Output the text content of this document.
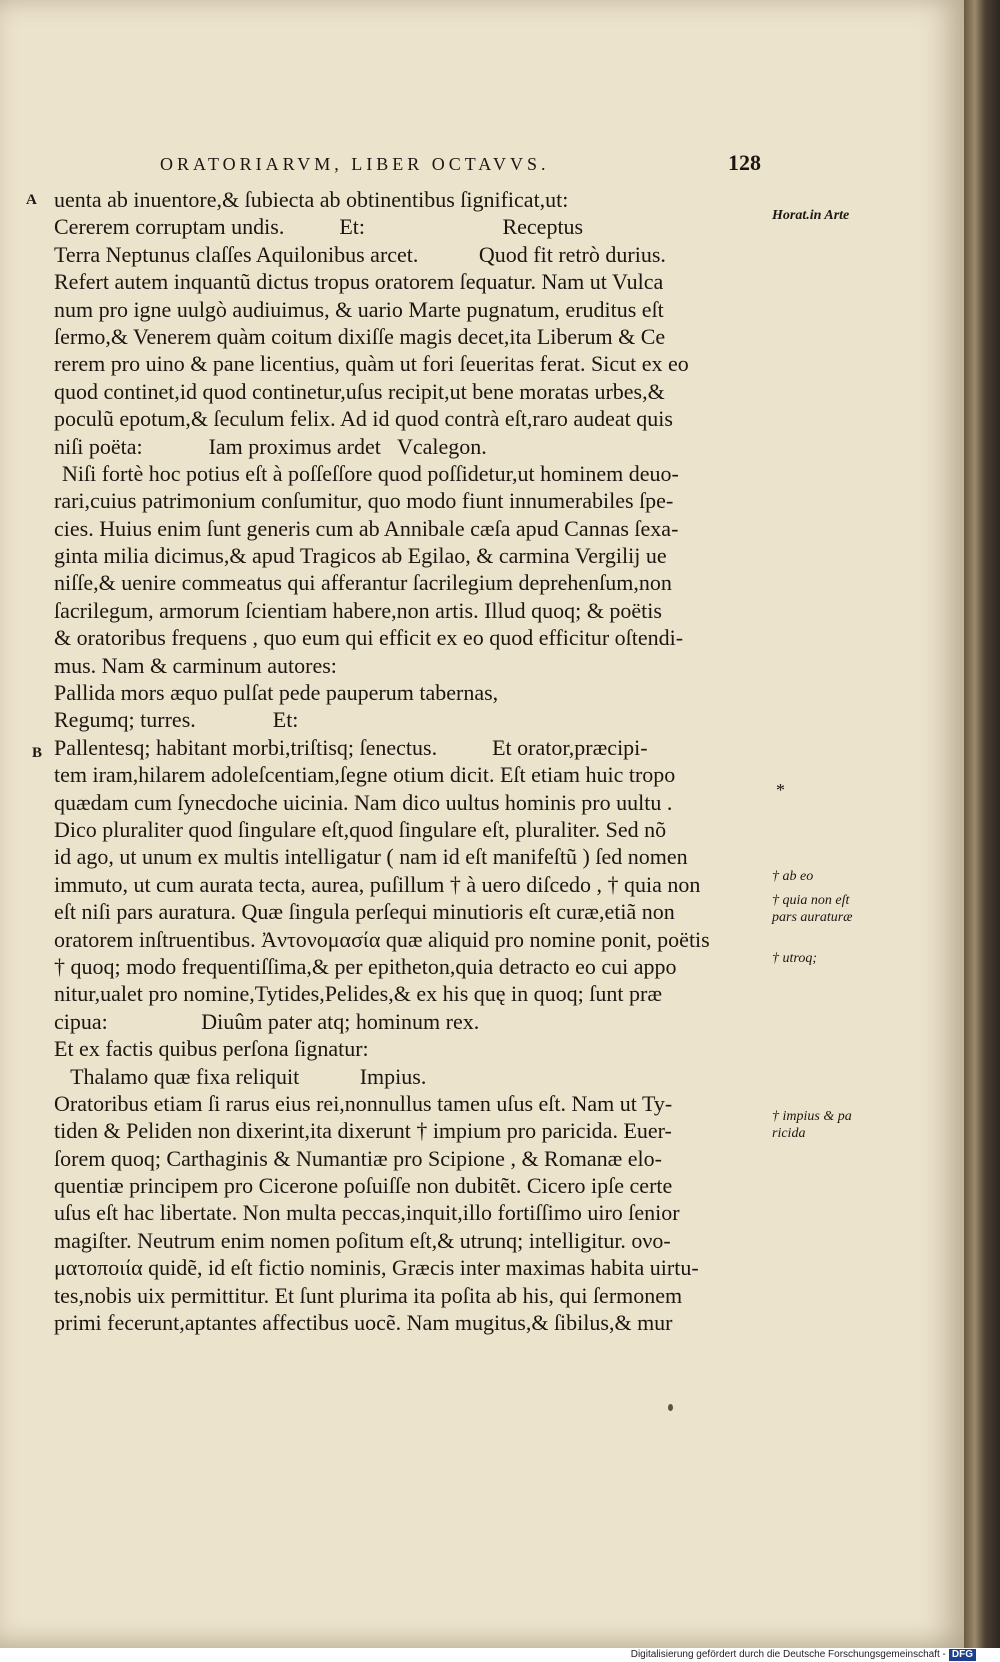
ORATORIARVM, LIBER OCTAVVS.	128
A
B
uenta ab inuentore,& ſubiecta ab obtinentibus ſignificat,ut:
Cererem corruptam undis.          Et:                         Receptus
Terra Neptunus claſſes Aquilonibus arcet.           Quod fit retrò durius.
Refert autem inquantũ dictus tropus oratorem ſequatur. Nam ut Vulca
num pro igne uulgò audiuimus, & uario Marte pugnatum, eruditus eſt
ſermo,& Venerem quàm coitum dixiſſe magis decet,ita Liberum & Ce
rerem pro uino & pane licentius, quàm ut fori ſeueritas ferat. Sicut ex eo
quod continet,id quod continetur,uſus recipit,ut bene moratas urbes,&
poculũ epotum,& ſeculum felix. Ad id quod contrà eſt,raro audeat quis
niſi poëta:            Iam proximus ardet   Vcalegon.
Niſi fortè hoc potius eſt à poſſeſſore quod poſſidetur,ut hominem deuo-
rari,cuius patrimonium conſumitur, quo modo fiunt innumerabiles ſpe-
cies. Huius enim ſunt generis cum ab Annibale cæſa apud Cannas ſexa-
ginta milia dicimus,& apud Tragicos ab Egilao, & carmina Vergilij ue
niſſe,& uenire commeatus qui afferantur ſacrilegium deprehenſum,non
ſacrilegum, armorum ſcientiam habere,non artis. Illud quoq; & poëtis
& oratoribus frequens , quo eum qui efficit ex eo quod efficitur oſtendi-
mus. Nam & carminum autores:
Pallida mors æquo pulſat pede pauperum tabernas,
Regumq; turres.              Et:
Pallentesq; habitant morbi,triſtisq; ſenectus.          Et orator,præcipi-
tem iram,hilarem adoleſcentiam,ſegne otium dicit. Eſt etiam huic tropo
quædam cum ſynecdoche uicinia. Nam dico uultus hominis pro uultu .
Dico pluraliter quod ſingulare eſt,quod ſingulare eſt, pluraliter. Sed nõ
id ago, ut unum ex multis intelligatur ( nam id eſt manifeſtũ ) ſed nomen
immuto, ut cum aurata tecta, aurea, puſillum † à uero diſcedo , † quia non
eſt niſi pars auratura. Quæ ſingula perſequi minutioris eſt curæ,etiã non
oratorem inſtruentibus. Ἀντονομασία quæ aliquid pro nomine ponit, poëtis
† quoq; modo frequentiſſima,& per epitheton,quia detracto eo cui appo
nitur,ualet pro nomine,Tytides,Pelides,& ex his quę in quoq; ſunt præ
cipua:                 Diuûm pater atq; hominum rex.
Et ex factis quibus perſona ſignatur:
Thalamo quæ fixa reliquit           Impius.
Oratoribus etiam ſi rarus eius rei,nonnullus tamen uſus eſt. Nam ut Ty-
tiden & Peliden non dixerint,ita dixerunt † impium pro paricida. Euer-
ſorem quoq; Carthaginis & Numantiæ pro Scipione , & Romanæ elo-
quentiæ principem pro Cicerone poſuiſſe non dubitẽt. Cicero ipſe certe
uſus eſt hac libertate. Non multa peccas,inquit,illo fortiſſimo uiro ſenior
magiſter. Neutrum enim nomen poſitum eſt,& utrunq; intelligitur. ονο-
ματοποιία quidẽ, id eſt fictio nominis, Græcis inter maximas habita uirtu-
tes,nobis uix permittitur. Et ſunt plurima ita poſita ab his, qui ſermonem
primi fecerunt,aptantes affectibus uocẽ. Nam mugitus,& ſibilus,& mur
Horat.in Arte
*
† ab eo
† quia non eſt
pars auraturæ
† utroq;
† impius & pa
ricida
Digitalisierung gefördert durch die Deutsche Forschungsgemeinschaft - DFG
